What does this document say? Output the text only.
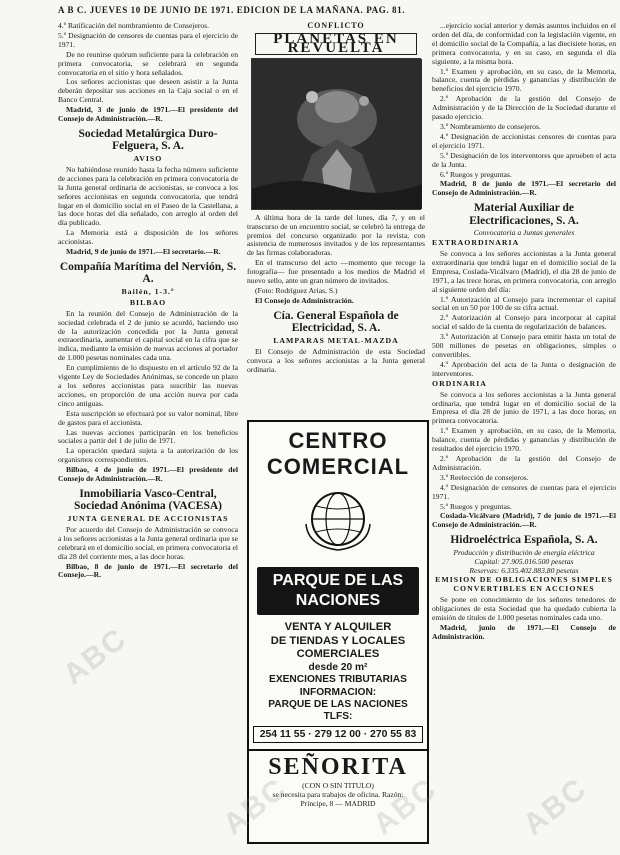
A B C. JUEVES 10 DE JUNIO DE 1971. EDICION DE LA MAÑANA. PAG. 81.

4.º Ratificación del nombramiento de Consejeros.

5.º Designación de censores de cuentas para el ejercicio de 1971.

De no reunirse quórum suficiente para la celebración en primera convocatoria, se celebrará en segunda convocatoria en el sitio y hora señalados.

Los señores accionistas que deseen asistir a la Junta deberán depositar sus acciones en la Caja social o en el Banco Central.

Madrid, 3 de junio de 1971.—El presidente del Consejo de Administración.—R.

Sociedad Metalúrgica Duro-Felguera, S. A.
AVISO

No habiéndose reunido hasta la fecha número suficiente de acciones para la celebración en primera convocatoria de la Junta general ordinaria de accionistas, se convoca a los señores accionistas en segunda convocatoria, que tendrá lugar en el domicilio social en el Paseo de la Castellana, a las doce horas del día señalado, con arreglo al orden del día publicado.

La Memoria está a disposición de los señores accionistas.

Madrid, 9 de junio de 1971.—El secretario.—R.

Compañía Marítima del Nervión, S. A.
Bailén, 1-3.º
BILBAO

En la reunión del Consejo de Administración de la sociedad celebrada el 2 de junio se acordó, haciendo uso de la autorización concedida por la Junta general extraordinaria, aumentar el capital social en la cifra que se indica, mediante la emisión de nuevas acciones al portador de 1.000 pesetas nominales cada una.

En cumplimiento de lo dispuesto en el artículo 92 de la vigente Ley de Sociedades Anónimas, se concede un plazo a los señores accionistas para suscribir las nuevas acciones, en proporción de una acción nueva por cada cinco antiguas.

Esta suscripción se efectuará por su valor nominal, libre de gastos para el accionista.

Las nuevas acciones participarán en los beneficios sociales a partir del 1 de julio de 1971.

La operación quedará sujeta a la autorización de los organismos correspondientes.

Bilbao, 4 de junio de 1971.—El presidente del Consejo de Administración.—R.

Inmobiliaria Vasco-Central, Sociedad Anónima (VACESA)
JUNTA GENERAL DE ACCIONISTAS

Por acuerdo del Consejo de Administración se convoca a los señores accionistas a la Junta general ordinaria que se celebrará en el domicilio social, en primera convocatoria el día 28 del corriente mes, a las doce horas.

Bilbao, 8 de junio de 1971.—El secretario del Consejo.—R.

CONFLICTO
PLANETAS EN REVUELTA

A última hora de la tarde del lunes, día 7, y en el transcurso de un encuentro social, se celebró la entrega de premios del concurso organizado por la revista, con asistencia de numerosos invitados y de los representantes de las firmas colaboradoras.

En el transcurso del acto —momento que recoge la fotografía— fue presentado a los medios de Madrid el nuevo sello, ante un gran número de invitados.

(Foto: Rodríguez Arias, S.)

El Consejo de Administración.

Cía. General Española de Electricidad, S. A.
LAMPARAS METAL-MAZDA

El Consejo de Administración de esta Sociedad convoca a los señores accionistas a la Junta general ordinaria.

CENTRO

COMERCIAL

PARQUE DE LAS NACIONES

VENTA Y ALQUILER

DE TIENDAS Y LOCALES

COMERCIALES

desde 20 m²

EXENCIONES TRIBUTARIAS

INFORMACION:

PARQUE DE LAS NACIONES

TLFS:

254 11 55 · 279 12 00 · 270 55 83

SEÑORITA

(CON O SIN TITULO)

se necesita para trabajos de oficina. Razón:

Príncipe, 8 — MADRID

...ejercicio social anterior y demás asuntos incluidos en el orden del día, de conformidad con la legislación vigente, en el domicilio social de la Compañía, a las diecisiete horas, en primera convocatoria, y en su caso, en segunda el día siguiente, a la misma hora.

1.º Examen y aprobación, en su caso, de la Memoria, balance, cuenta de pérdidas y ganancias y distribución de beneficios del ejercicio 1970.

2.º Aprobación de la gestión del Consejo de Administración y de la Dirección de la Sociedad durante el pasado ejercicio.

3.º Nombramiento de consejeros.

4.º Designación de accionistas censores de cuentas para el ejercicio 1971.

5.º Designación de los interventores que aprueben el acta de la Junta.

6.º Ruegos y preguntas.

Madrid, 8 de junio de 1971.—El secretario del Consejo de Administración.—R.

Material Auxiliar de Electrificaciones, S. A.
Convocatoria a Juntas generales
EXTRAORDINARIA

Se convoca a los señores accionistas a la Junta general extraordinaria que tendrá lugar en el domicilio social de la Empresa, Coslada-Vicálvaro (Madrid), el día 28 de junio de 1971, a las trece horas, en primera convocatoria, con arreglo al siguiente orden del día:

1.º Autorización al Consejo para incrementar el capital social en un 50 por 100 de su cifra actual.

2.º Autorización al Consejo para incorporar al capital social el saldo de la cuenta de regularización de balances.

3.º Autorización al Consejo para emitir hasta un total de 500 millones de pesetas en obligaciones, simples o convertibles.

4.º Aprobación del acta de la Junta o designación de interventores.

ORDINARIA

Se convoca a los señores accionistas a la Junta general ordinaria, que tendrá lugar en el domicilio social de la Empresa el día 28 de junio de 1971, a las doce horas, en primera convocatoria.

1.º Examen y aprobación, en su caso, de la Memoria, balance, cuenta de pérdidas y ganancias y distribución de resultados del ejercicio 1970.

2.º Aprobación de la gestión del Consejo de Administración.

3.º Reelección de consejeros.

4.º Designación de censores de cuentas para el ejercicio 1971.

5.º Ruegos y preguntas.

Coslada-Vicálvaro (Madrid), 7 de junio de 1971.—El Consejo de Administración.—R.

Hidroeléctrica Española, S. A.
Producción y distribución de energía eléctrica
Capital: 27.905.016.500 pesetas
Reservas: 6.335.402.883,80 pesetas
EMISION DE OBLIGACIONES SIMPLES CONVERTIBLES EN ACCIONES

Se pone en conocimiento de los señores tenedores de obligaciones de esta Sociedad que ha quedado cubierta la emisión de títulos de 1.000 pesetas nominales cada uno.

Madrid, junio de 1971.—El Consejo de Administración.

ABC
ABC ABC ABC
